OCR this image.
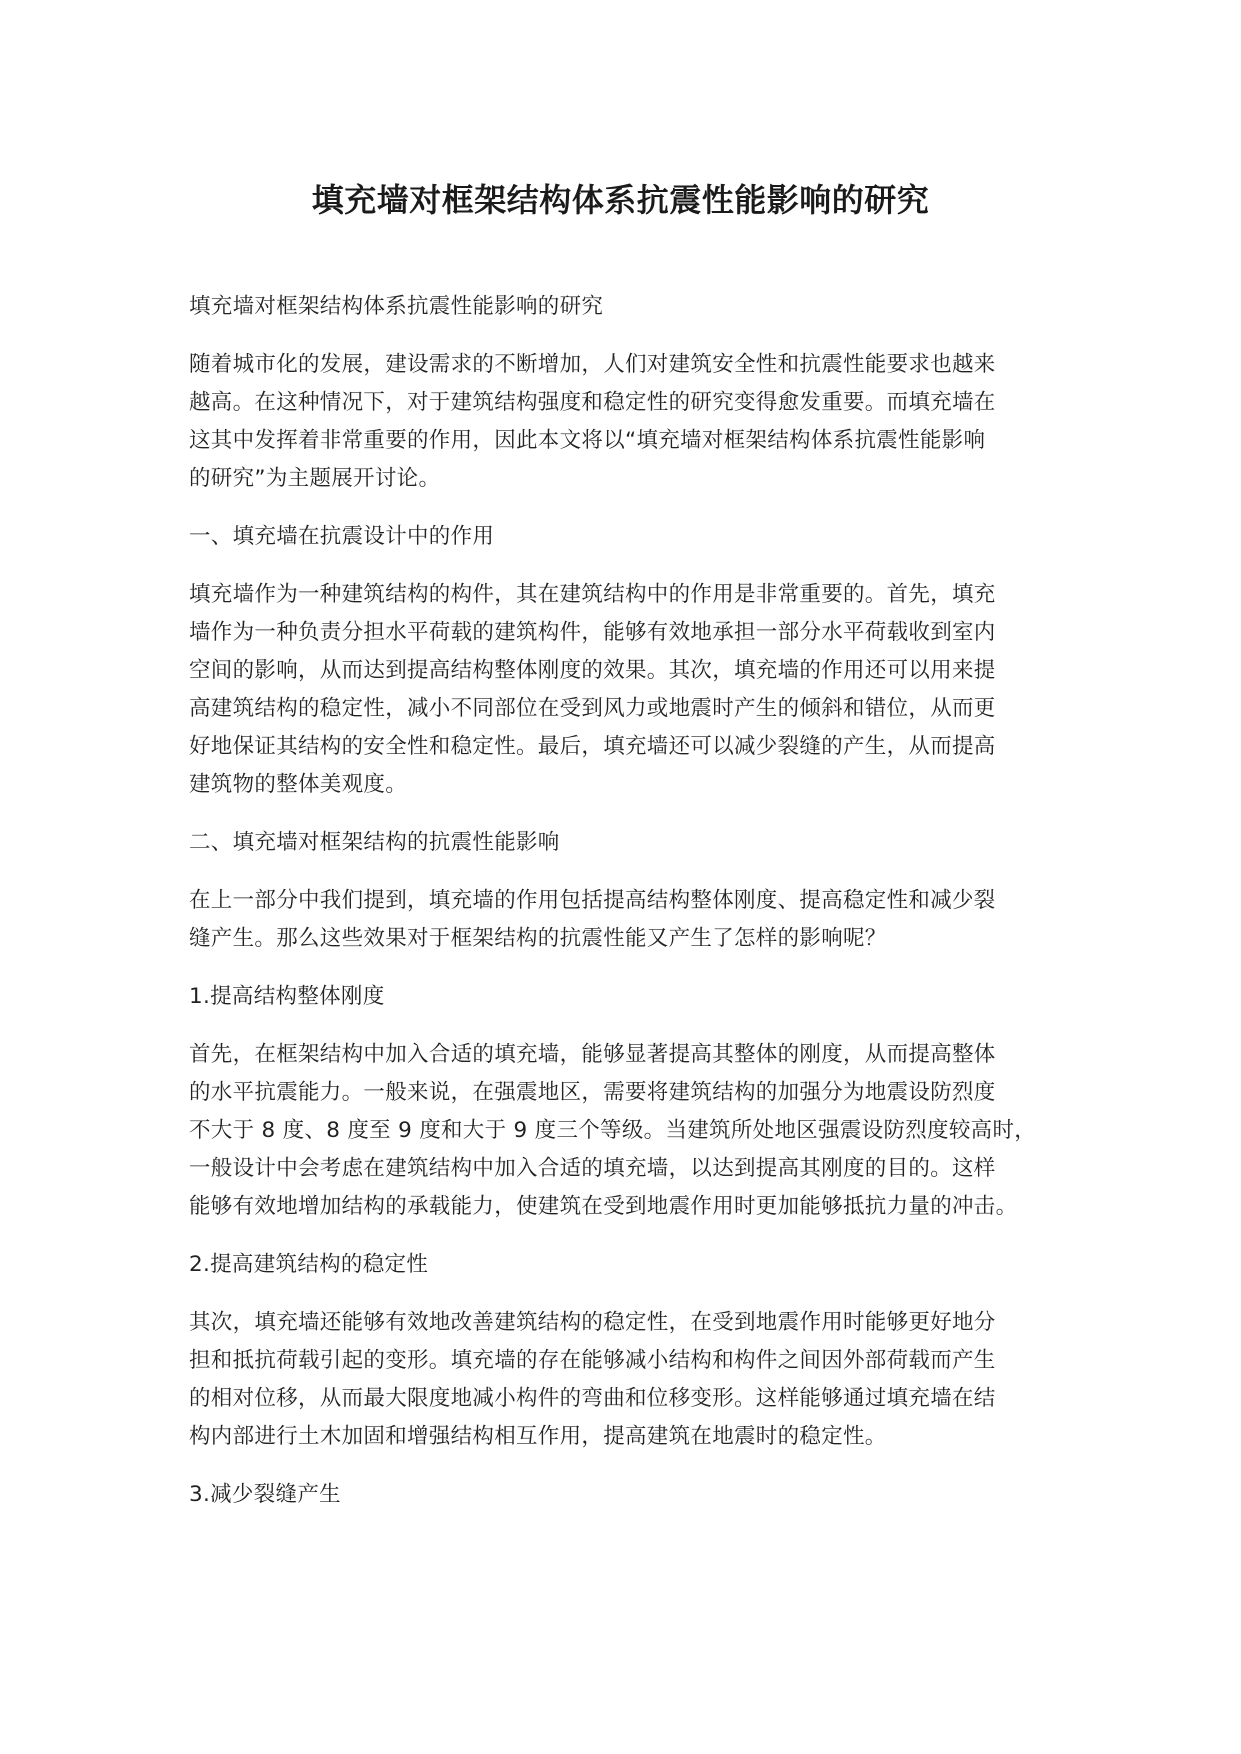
填充墙对框架结构体系抗震性能影响的研究
填充墙对框架结构体系抗震性能影响的研究
随着城市化的发展，建设需求的不断增加，人们对建筑安全性和抗震性能要求也越来
越高。在这种情况下，对于建筑结构强度和稳定性的研究变得愈发重要。而填充墙在
这其中发挥着非常重要的作用，因此本文将以“填充墙对框架结构体系抗震性能影响
的研究”为主题展开讨论。
一、填充墙在抗震设计中的作用
填充墙作为一种建筑结构的构件，其在建筑结构中的作用是非常重要的。首先，填充
墙作为一种负责分担水平荷载的建筑构件，能够有效地承担一部分水平荷载收到室内
空间的影响，从而达到提高结构整体刚度的效果。其次，填充墙的作用还可以用来提
高建筑结构的稳定性，减小不同部位在受到风力或地震时产生的倾斜和错位，从而更
好地保证其结构的安全性和稳定性。最后，填充墙还可以减少裂缝的产生，从而提高
建筑物的整体美观度。
二、填充墙对框架结构的抗震性能影响
在上一部分中我们提到，填充墙的作用包括提高结构整体刚度、提高稳定性和减少裂
缝产生。那么这些效果对于框架结构的抗震性能又产生了怎样的影响呢？
1.提高结构整体刚度
首先，在框架结构中加入合适的填充墙，能够显著提高其整体的刚度，从而提高整体
的水平抗震能力。一般来说，在强震地区，需要将建筑结构的加强分为地震设防烈度
不大于 8 度、8 度至 9 度和大于 9 度三个等级。当建筑所处地区强震设防烈度较高时，
一般设计中会考虑在建筑结构中加入合适的填充墙，以达到提高其刚度的目的。这样
能够有效地增加结构的承载能力，使建筑在受到地震作用时更加能够抵抗力量的冲击。
2.提高建筑结构的稳定性
其次，填充墙还能够有效地改善建筑结构的稳定性，在受到地震作用时能够更好地分
担和抵抗荷载引起的变形。填充墙的存在能够减小结构和构件之间因外部荷载而产生
的相对位移，从而最大限度地减小构件的弯曲和位移变形。这样能够通过填充墙在结
构内部进行土木加固和增强结构相互作用，提高建筑在地震时的稳定性。
3.减少裂缝产生
